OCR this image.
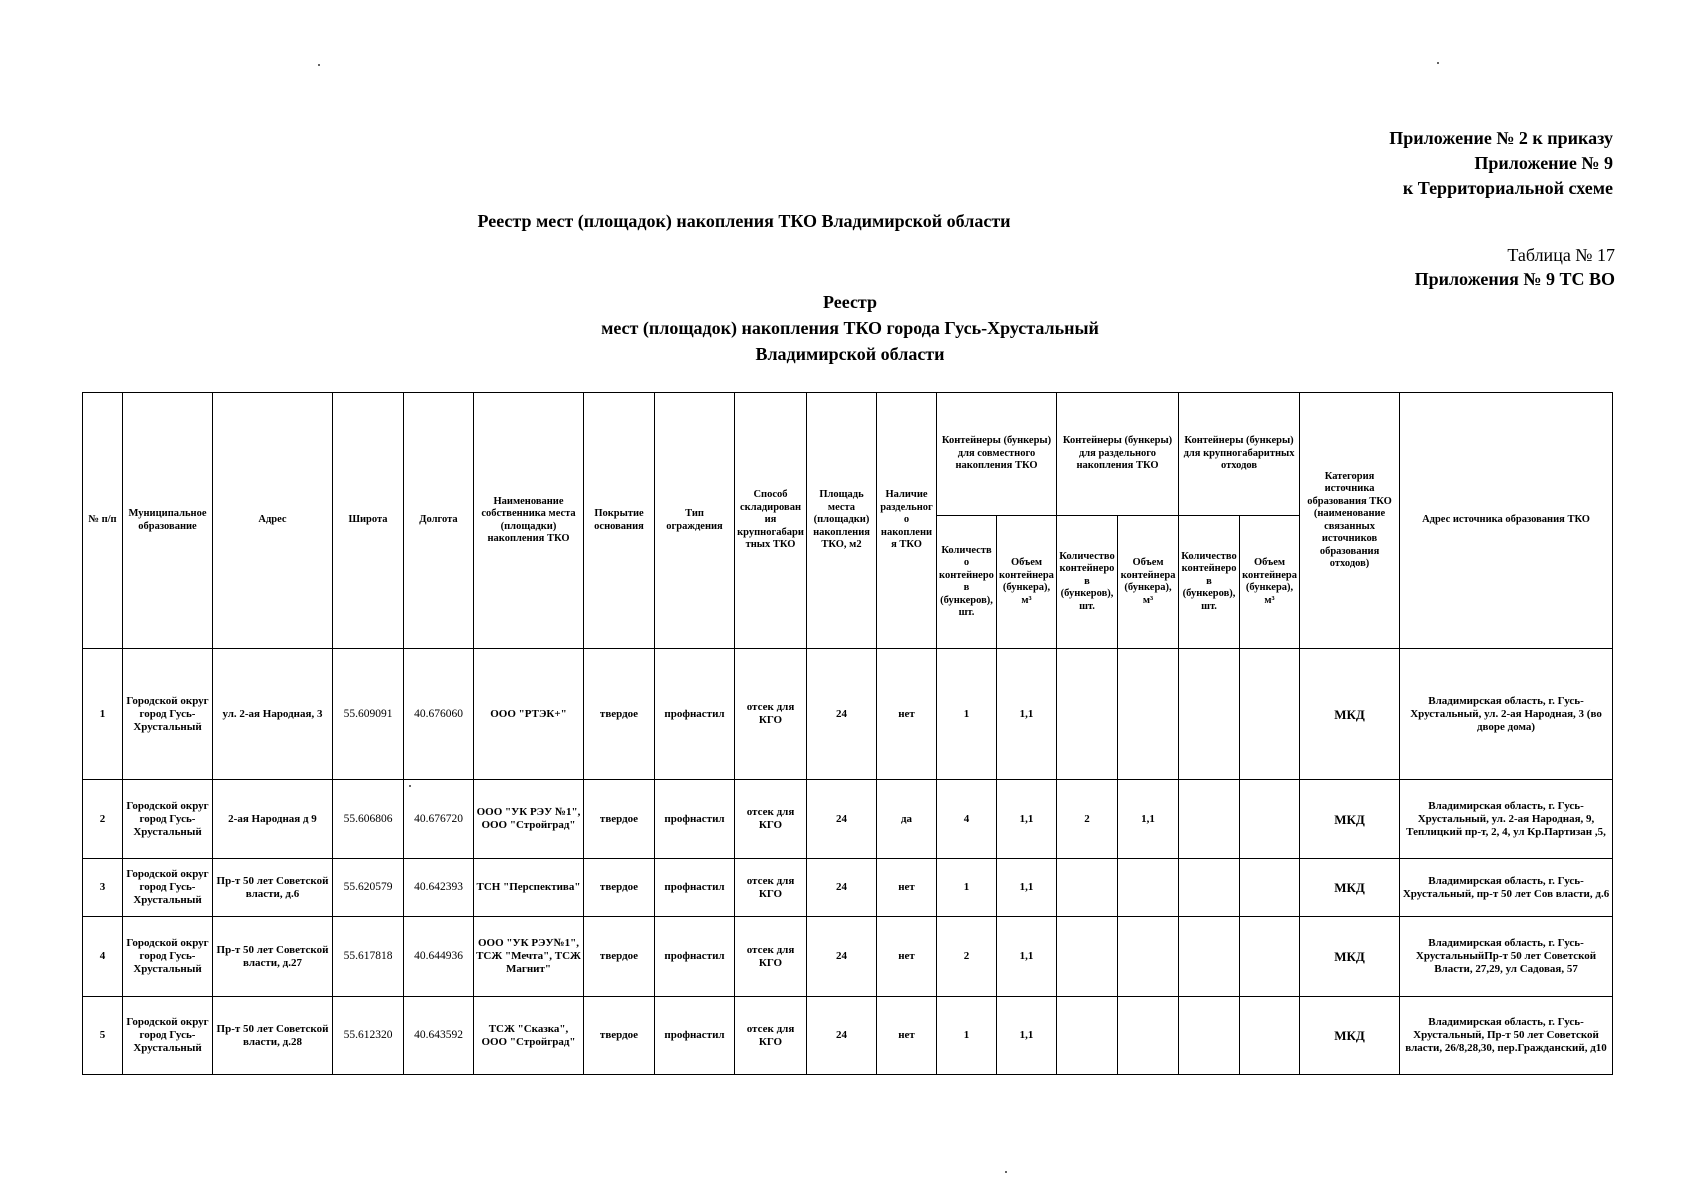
Приложение № 2 к приказу
Приложение № 9
к Территориальной схеме
Реестр мест (площадок) накопления ТКО Владимирской области
Таблица № 17
Приложения № 9 ТС ВО
Реестр
мест (площадок) накопления ТКО города Гусь-Хрустальный
Владимирской области
№ п/п	Муниципальное образование	Адрес	Широта	Долгота	Наименование собственника места (площадки) накопления ТКО	Покрытие основания	Тип ограждения	Способ складирования крупногабаритных ТКО	Площадь места (площадки) накопления ТКО, м2	Наличие раздельного накопления ТКО	Контейнеры (бункеры) для совместного накопления ТКО		Контейнеры (бункеры) для раздельного накопления ТКО		Контейнеры (бункеры) для крупногабаритных отходов		Категория источника образования ТКО (наименование связанных источников образования отходов)	Адрес источника образования ТКО
											Количество контейнеров (бункеров), шт.	Объем контейнера (бункера), м³	Количество контейнеров (бункеров), шт.	Объем контейнера (бункера), м³	Количество контейнеров (бункеров), шт.	Объем контейнера (бункера), м³		
1	Городской округ город Гусь-Хрустальный	ул. 2-ая Народная, 3	55.609091	40.676060	ООО "РТЭК+"	твердое	профнастил	отсек для КГО	24	нет	1	1,1					МКД	Владимирская область, г. Гусь-Хрустальный, ул. 2-ая Народная, 3 (во дворе дома)
2	Городской округ город Гусь-Хрустальный	2-ая Народная д 9	55.606806	40.676720	ООО "УК РЭУ №1", ООО "Стройград"	твердое	профнастил	отсек для КГО	24	да	4	1,1	2	1,1			МКД	Владимирская область, г. Гусь-Хрустальный, ул. 2-ая Народная, 9, Теплицкий пр-т, 2, 4, ул Кр.Партизан ,5,
3	Городской округ город Гусь-Хрустальный	Пр-т 50 лет Советской власти, д.6	55.620579	40.642393	ТСН "Перспектива"	твердое	профнастил	отсек для КГО	24	нет	1	1,1					МКД	Владимирская область, г. Гусь-Хрустальный, пр-т 50 лет Сов власти, д.6
4	Городской округ город Гусь-Хрустальный	Пр-т 50 лет Советской власти, д.27	55.617818	40.644936	ООО "УК РЭУ№1", ТСЖ "Мечта", ТСЖ Магнит"	твердое	профнастил	отсек для КГО	24	нет	2	1,1					МКД	Владимирская область, г. Гусь-ХрустальныйПр-т 50 лет Советской Власти, 27,29, ул Садовая, 57
5	Городской округ город Гусь-Хрустальный	Пр-т 50 лет Советской власти, д.28	55.612320	40.643592	ТСЖ "Сказка", ООО "Стройград"	твердое	профнастил	отсек для КГО	24	нет	1	1,1					МКД	Владимирская область, г. Гусь-Хрустальный, Пр-т 50 лет Советской власти, 26/8,28,30, пер.Гражданский, д10
